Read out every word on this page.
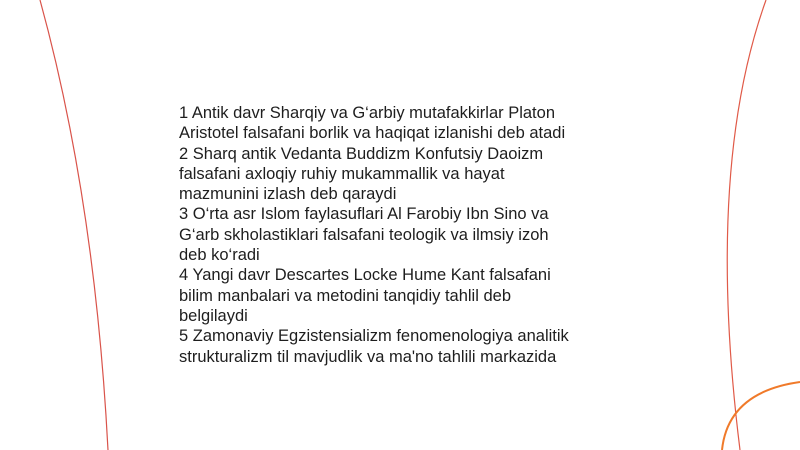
1 Antik davr Sharqiy va G‘arbiy mutafakkirlar Platon
Aristotel falsafani borlik va haqiqat izlanishi deb atadi
2 Sharq antik Vedanta Buddizm Konfutsiy Daoizm
falsafani axloqiy ruhiy mukammallik va hayat
mazmunini izlash deb qaraydi
3 O‘rta asr Islom faylasuflari Al Farobiy Ibn Sino va
G‘arb skholastiklari falsafani teologik va ilmsiy izoh
deb ko‘radi
4 Yangi davr Descartes Locke Hume Kant falsafani
bilim manbalari va metodini tanqidiy tahlil deb
belgilaydi
5 Zamonaviy Egzistensializm fenomenologiya analitik
strukturalizm til mavjudlik va ma'no tahlili markazida
